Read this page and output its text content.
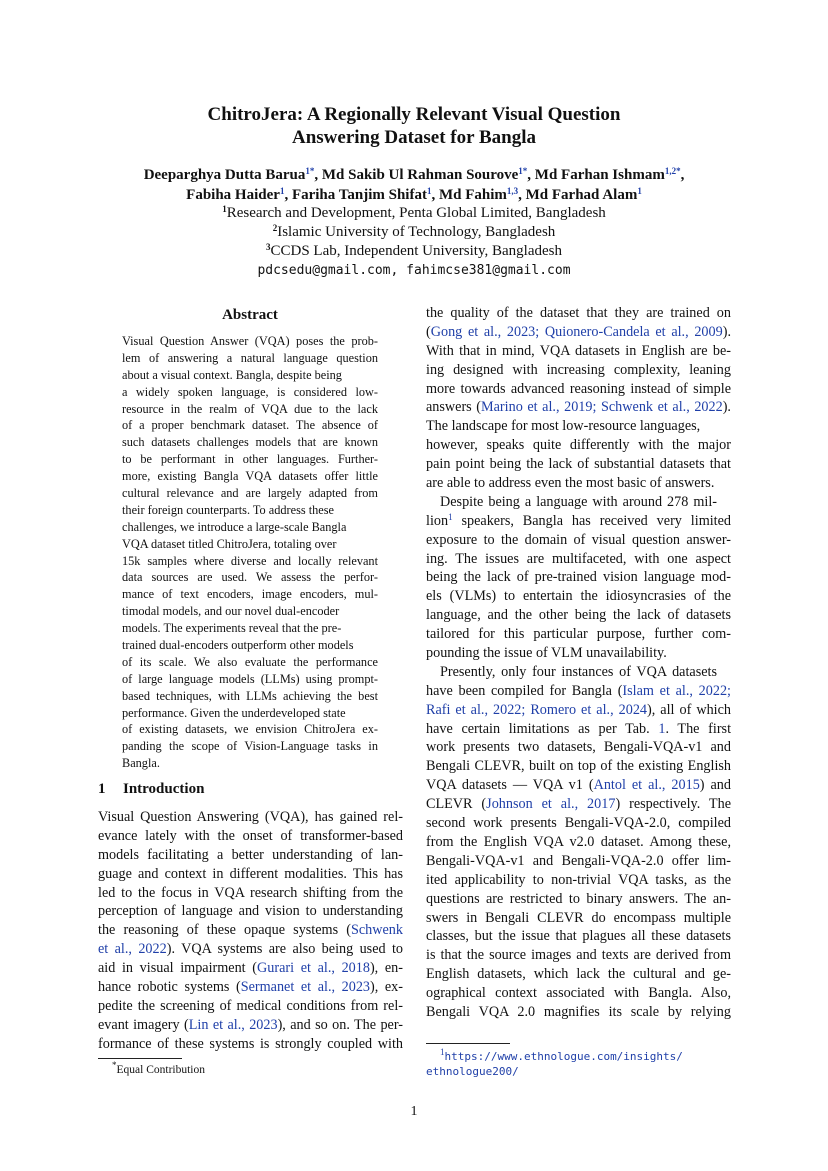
ChitroJera: A Regionally Relevant Visual Question
Answering Dataset for Bangla
Deeparghya Dutta Barua$^{1*}$, Md Sakib Ul Rahman Sourove$^{1*}$, Md Farhan Ishmam$^{1,2*}$,
Fabiha Haider$^1$, Fariha Tanjim Shifat$^1$, Md Fahim$^{1,3}$, Md Farhad Alam$^1$
$^1$Research and Development, Penta Global Limited, Bangladesh
$^2$Islamic University of Technology, Bangladesh
$^3$CCDS Lab, Independent University, Bangladesh
pdcsedu@gmail.com, fahimcse381@gmail.com
Abstract
Visual Question Answer (VQA) poses the prob-
lem of answering a natural language question
about a visual context. Bangla, despite being
a widely spoken language, is considered low-
resource in the realm of VQA due to the lack
of a proper benchmark dataset. The absence of
such datasets challenges models that are known
to be performant in other languages. Further-
more, existing Bangla VQA datasets offer little
cultural relevance and are largely adapted from
their foreign counterparts. To address these
challenges, we introduce a large-scale Bangla
VQA dataset titled ChitroJera, totaling over
15k samples where diverse and locally relevant
data sources are used. We assess the perfor-
mance of text encoders, image encoders, mul-
timodal models, and our novel dual-encoder
models. The experiments reveal that the pre-
trained dual-encoders outperform other models
of its scale. We also evaluate the performance
of large language models (LLMs) using prompt-
based techniques, with LLMs achieving the best
performance. Given the underdeveloped state
of existing datasets, we envision ChitroJera ex-
panding the scope of Vision-Language tasks in
Bangla.
1 Introduction
Visual Question Answering (VQA), has gained rel-
evance lately with the onset of transformer-based
models facilitating a better understanding of lan-
guage and context in different modalities. This has
led to the focus in VQA research shifting from the
perception of language and vision to understanding
the reasoning of these opaque systems (Schwenk
et al., 2022). VQA systems are also being used to
aid in visual impairment (Gurari et al., 2018), en-
hance robotic systems (Sermanet et al., 2023), ex-
pedite the screening of medical conditions from rel-
evant imagery (Lin et al., 2023), and so on. The per-
formance of these systems is strongly coupled with
the quality of the dataset that they are trained on
(Gong et al., 2023; Quionero-Candela et al., 2009).
With that in mind, VQA datasets in English are be-
ing designed with increasing complexity, leaning
more towards advanced reasoning instead of simple
answers (Marino et al., 2019; Schwenk et al., 2022).
The landscape for most low-resource languages,
however, speaks quite differently with the major
pain point being the lack of substantial datasets that
are able to address even the most basic of answers.
Despite being a language with around 278 mil-
lion$^1$ speakers, Bangla has received very limited
exposure to the domain of visual question answer-
ing. The issues are multifaceted, with one aspect
being the lack of pre-trained vision language mod-
els (VLMs) to entertain the idiosyncrasies of the
language, and the other being the lack of datasets
tailored for this particular purpose, further com-
pounding the issue of VLM unavailability.
Presently, only four instances of VQA datasets
have been compiled for Bangla (Islam et al., 2022;
Rafi et al., 2022; Romero et al., 2024), all of which
have certain limitations as per Tab. 1. The first
work presents two datasets, Bengali-VQA-v1 and
Bengali CLEVR, built on top of the existing English
VQA datasets — VQA v1 (Antol et al., 2015) and
CLEVR (Johnson et al., 2017) respectively. The
second work presents Bengali-VQA-2.0, compiled
from the English VQA v2.0 dataset. Among these,
Bengali-VQA-v1 and Bengali-VQA-2.0 offer lim-
ited applicability to non-trivial VQA tasks, as the
questions are restricted to binary answers. The an-
swers in Bengali CLEVR do encompass multiple
classes, but the issue that plagues all these datasets
is that the source images and texts are derived from
English datasets, which lack the cultural and ge-
ographical context associated with Bangla. Also,
Bengali VQA 2.0 magnifies its scale by relying
*Equal Contribution
$^1$https://www.ethnologue.com/insights/
ethnologue200/
1
